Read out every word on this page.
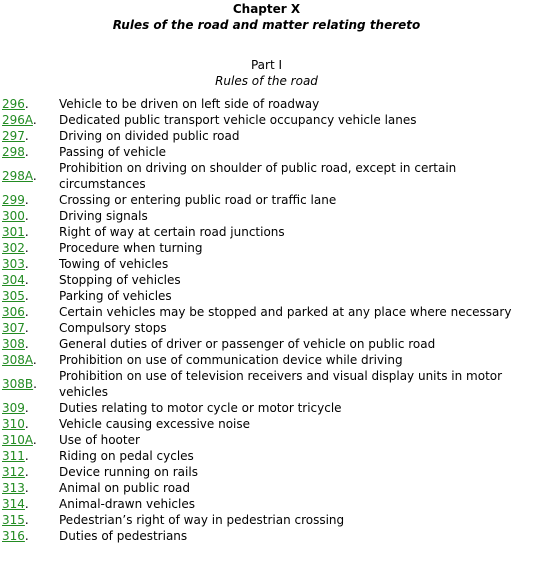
Chapter X
Rules of the road and matter relating thereto
Part I
Rules of the road
296.	Vehicle to be driven on left side of roadway
296A.	Dedicated public transport vehicle occupancy vehicle lanes
297.	Driving on divided public road
298.	Passing of vehicle
298A.	Prohibition on driving on shoulder of public road, except in certain circumstances
299.	Crossing or entering public road or traffic lane
300.	Driving signals
301.	Right of way at certain road junctions
302.	Procedure when turning
303.	Towing of vehicles
304.	Stopping of vehicles
305.	Parking of vehicles
306.	Certain vehicles may be stopped and parked at any place where necessary
307.	Compulsory stops
308.	General duties of driver or passenger of vehicle on public road
308A.	Prohibition on use of communication device while driving
308B.	Prohibition on use of television receivers and visual display units in motor vehicles
309.	Duties relating to motor cycle or motor tricycle
310.	Vehicle causing excessive noise
310A.	Use of hooter
311.	Riding on pedal cycles
312.	Device running on rails
313.	Animal on public road
314.	Animal-drawn vehicles
315.	Pedestrian’s right of way in pedestrian crossing
316.	Duties of pedestrians
